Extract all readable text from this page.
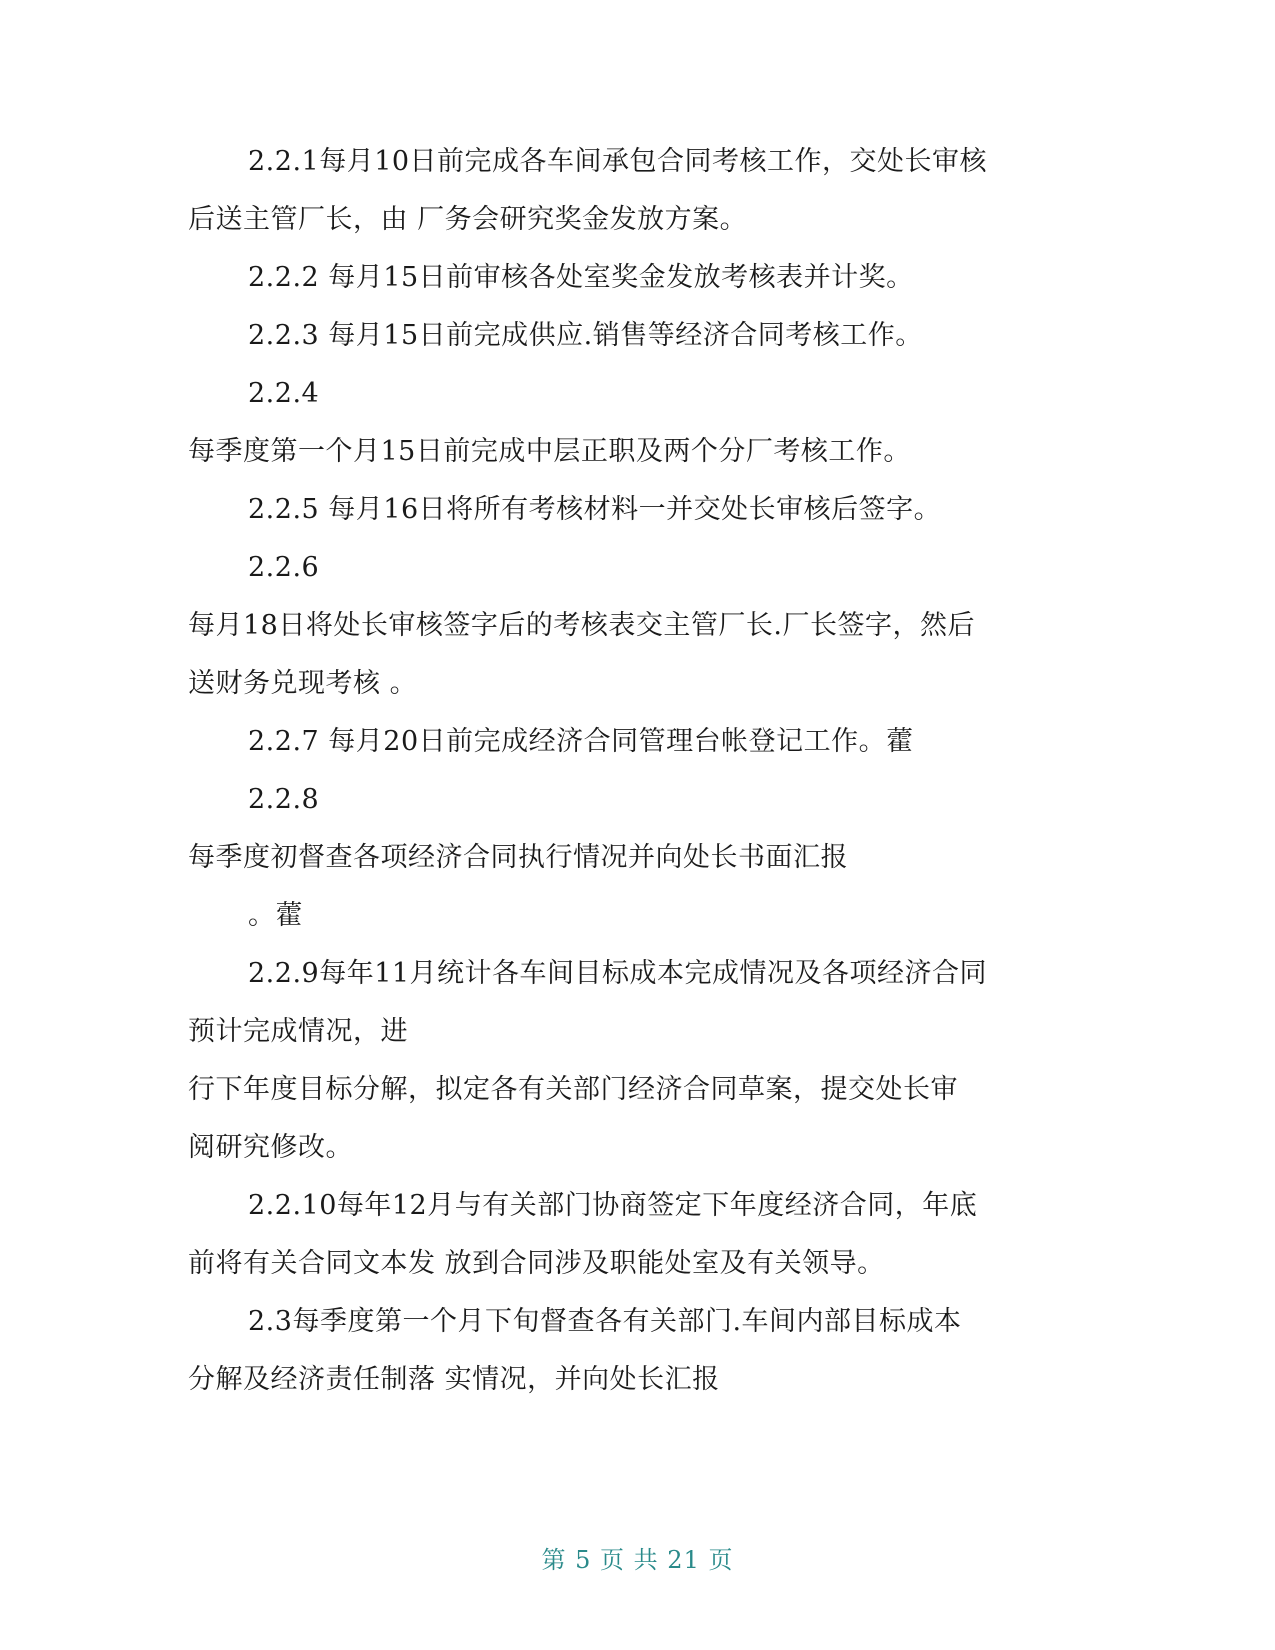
2.2.1每月10日前完成各车间承包合同考核工作，交处长审核
后送主管厂长，由 厂务会研究奖金发放方案。
2.2.2 每月15日前审核各处室奖金发放考核表并计奖。
2.2.3 每月15日前完成供应.销售等经济合同考核工作。
2.2.4
每季度第一个月15日前完成中层正职及两个分厂考核工作。
2.2.5 每月16日将所有考核材料一并交处长审核后签字。
2.2.6
每月18日将处长审核签字后的考核表交主管厂长.厂长签字，然后
送财务兑现考核 。
2.2.7 每月20日前完成经济合同管理台帐登记工作。藿
2.2.8
每季度初督查各项经济合同执行情况并向处长书面汇报
。藿
2.2.9每年11月统计各车间目标成本完成情况及各项经济合同
预计完成情况，进
行下年度目标分解，拟定各有关部门经济合同草案，提交处长审
阅研究修改。
2.2.10每年12月与有关部门协商签定下年度经济合同，年底
前将有关合同文本发 放到合同涉及职能处室及有关领导。
2.3每季度第一个月下旬督查各有关部门.车间内部目标成本
分解及经济责任制落 实情况，并向处长汇报
第 5 页 共 21 页
